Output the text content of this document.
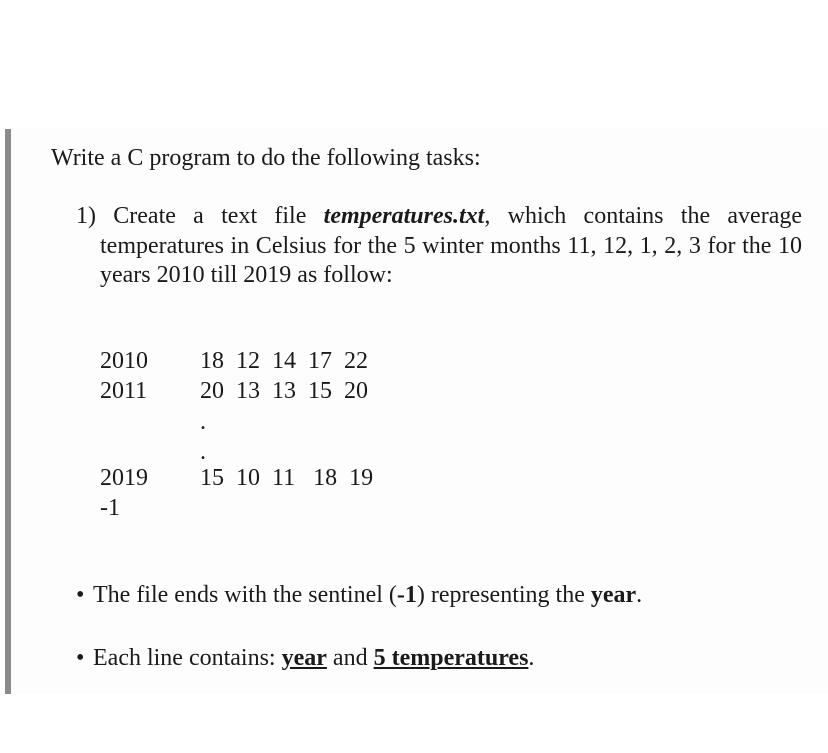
Write a C program to do the following tasks:
1) Create a text file temperatures.txt, which contains the average temperatures in Celsius for the 5 winter months 11, 12, 1, 2, 3 for the 10 years 2010 till 2019 as follow:
2010 18  12  14  17  22
2011 20  13  13  15  20
.
.
2019 15  10  11   18  19
-1
• The file ends with the sentinel (-1) representing the year.
• Each line contains: year and 5 temperatures.
